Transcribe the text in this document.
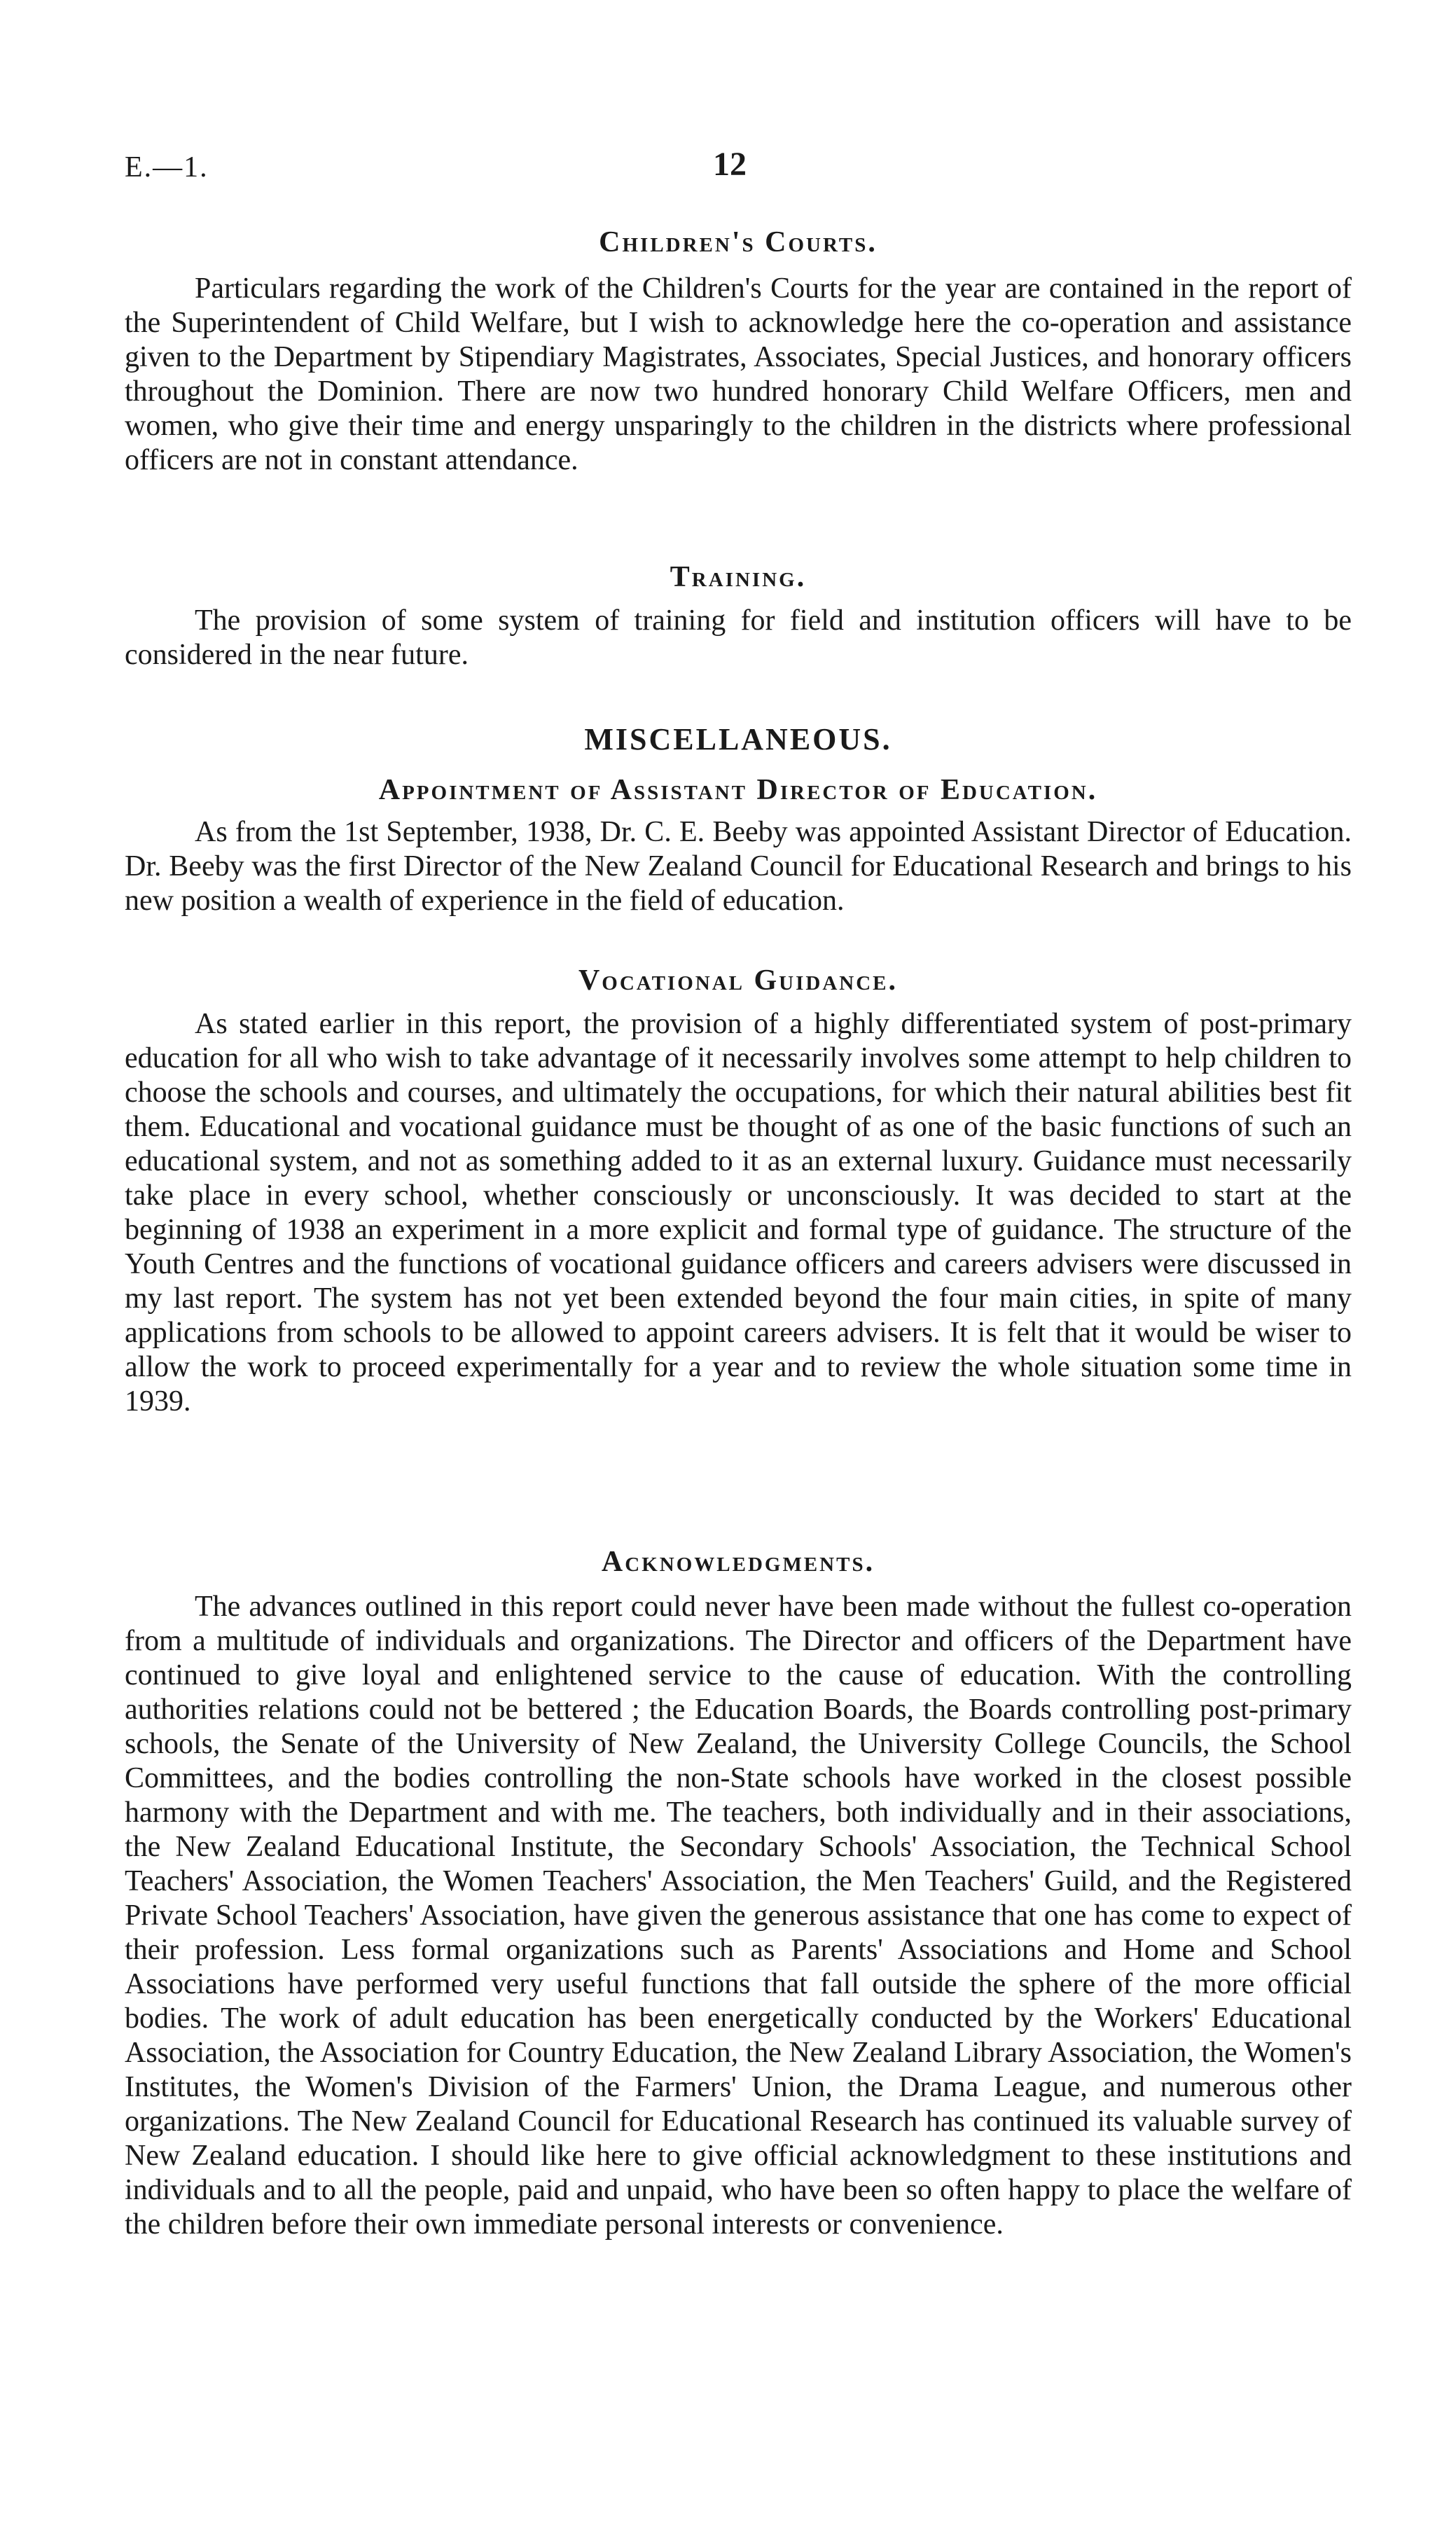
E.—1.	12
Children's Courts.

Particulars regarding the work of the Children's Courts for the year are contained in the report of the Superintendent of Child Welfare, but I wish to acknowledge here the co-operation and assistance given to the Department by Stipendiary Magistrates, Associates, Special Justices, and honorary officers throughout the Dominion. There are now two hundred honorary Child Welfare Officers, men and women, who give their time and energy unsparingly to the children in the districts where professional officers are not in constant attendance.

Training.

The provision of some system of training for field and institution officers will have to be considered in the near future.

MISCELLANEOUS.
Appointment of Assistant Director of Education.

As from the 1st September, 1938, Dr. C. E. Beeby was appointed Assistant Director of Education. Dr. Beeby was the first Director of the New Zealand Council for Educational Research and brings to his new position a wealth of experience in the field of education.

Vocational Guidance.

As stated earlier in this report, the provision of a highly differentiated system of post-primary education for all who wish to take advantage of it necessarily involves some attempt to help children to choose the schools and courses, and ultimately the occupations, for which their natural abilities best fit them. Educational and vocational guidance must be thought of as one of the basic functions of such an educational system, and not as something added to it as an external luxury. Guidance must necessarily take place in every school, whether consciously or unconsciously. It was decided to start at the beginning of 1938 an experiment in a more explicit and formal type of guidance. The structure of the Youth Centres and the functions of vocational guidance officers and careers advisers were discussed in my last report. The system has not yet been extended beyond the four main cities, in spite of many applications from schools to be allowed to appoint careers advisers. It is felt that it would be wiser to allow the work to proceed experimentally for a year and to review the whole situation some time in 1939.

Acknowledgments.

The advances outlined in this report could never have been made without the fullest co-operation from a multitude of individuals and organizations. The Director and officers of the Department have continued to give loyal and enlightened service to the cause of education. With the controlling authorities relations could not be bettered ; the Education Boards, the Boards controlling post-primary schools, the Senate of the University of New Zealand, the University College Councils, the School Committees, and the bodies controlling the non-State schools have worked in the closest possible harmony with the Department and with me. The teachers, both individually and in their associations, the New Zealand Educational Institute, the Secondary Schools' Association, the Technical School Teachers' Association, the Women Teachers' Association, the Men Teachers' Guild, and the Registered Private School Teachers' Association, have given the generous assistance that one has come to expect of their profession. Less formal organizations such as Parents' Associations and Home and School Associations have performed very useful functions that fall outside the sphere of the more official bodies. The work of adult education has been energetically conducted by the Workers' Educational Association, the Association for Country Education, the New Zealand Library Association, the Women's Institutes, the Women's Division of the Farmers' Union, the Drama League, and numerous other organizations. The New Zealand Council for Educational Research has continued its valuable survey of New Zealand education. I should like here to give official acknowledgment to these institutions and individuals and to all the people, paid and unpaid, who have been so often happy to place the welfare of the children before their own immediate personal interests or convenience.
